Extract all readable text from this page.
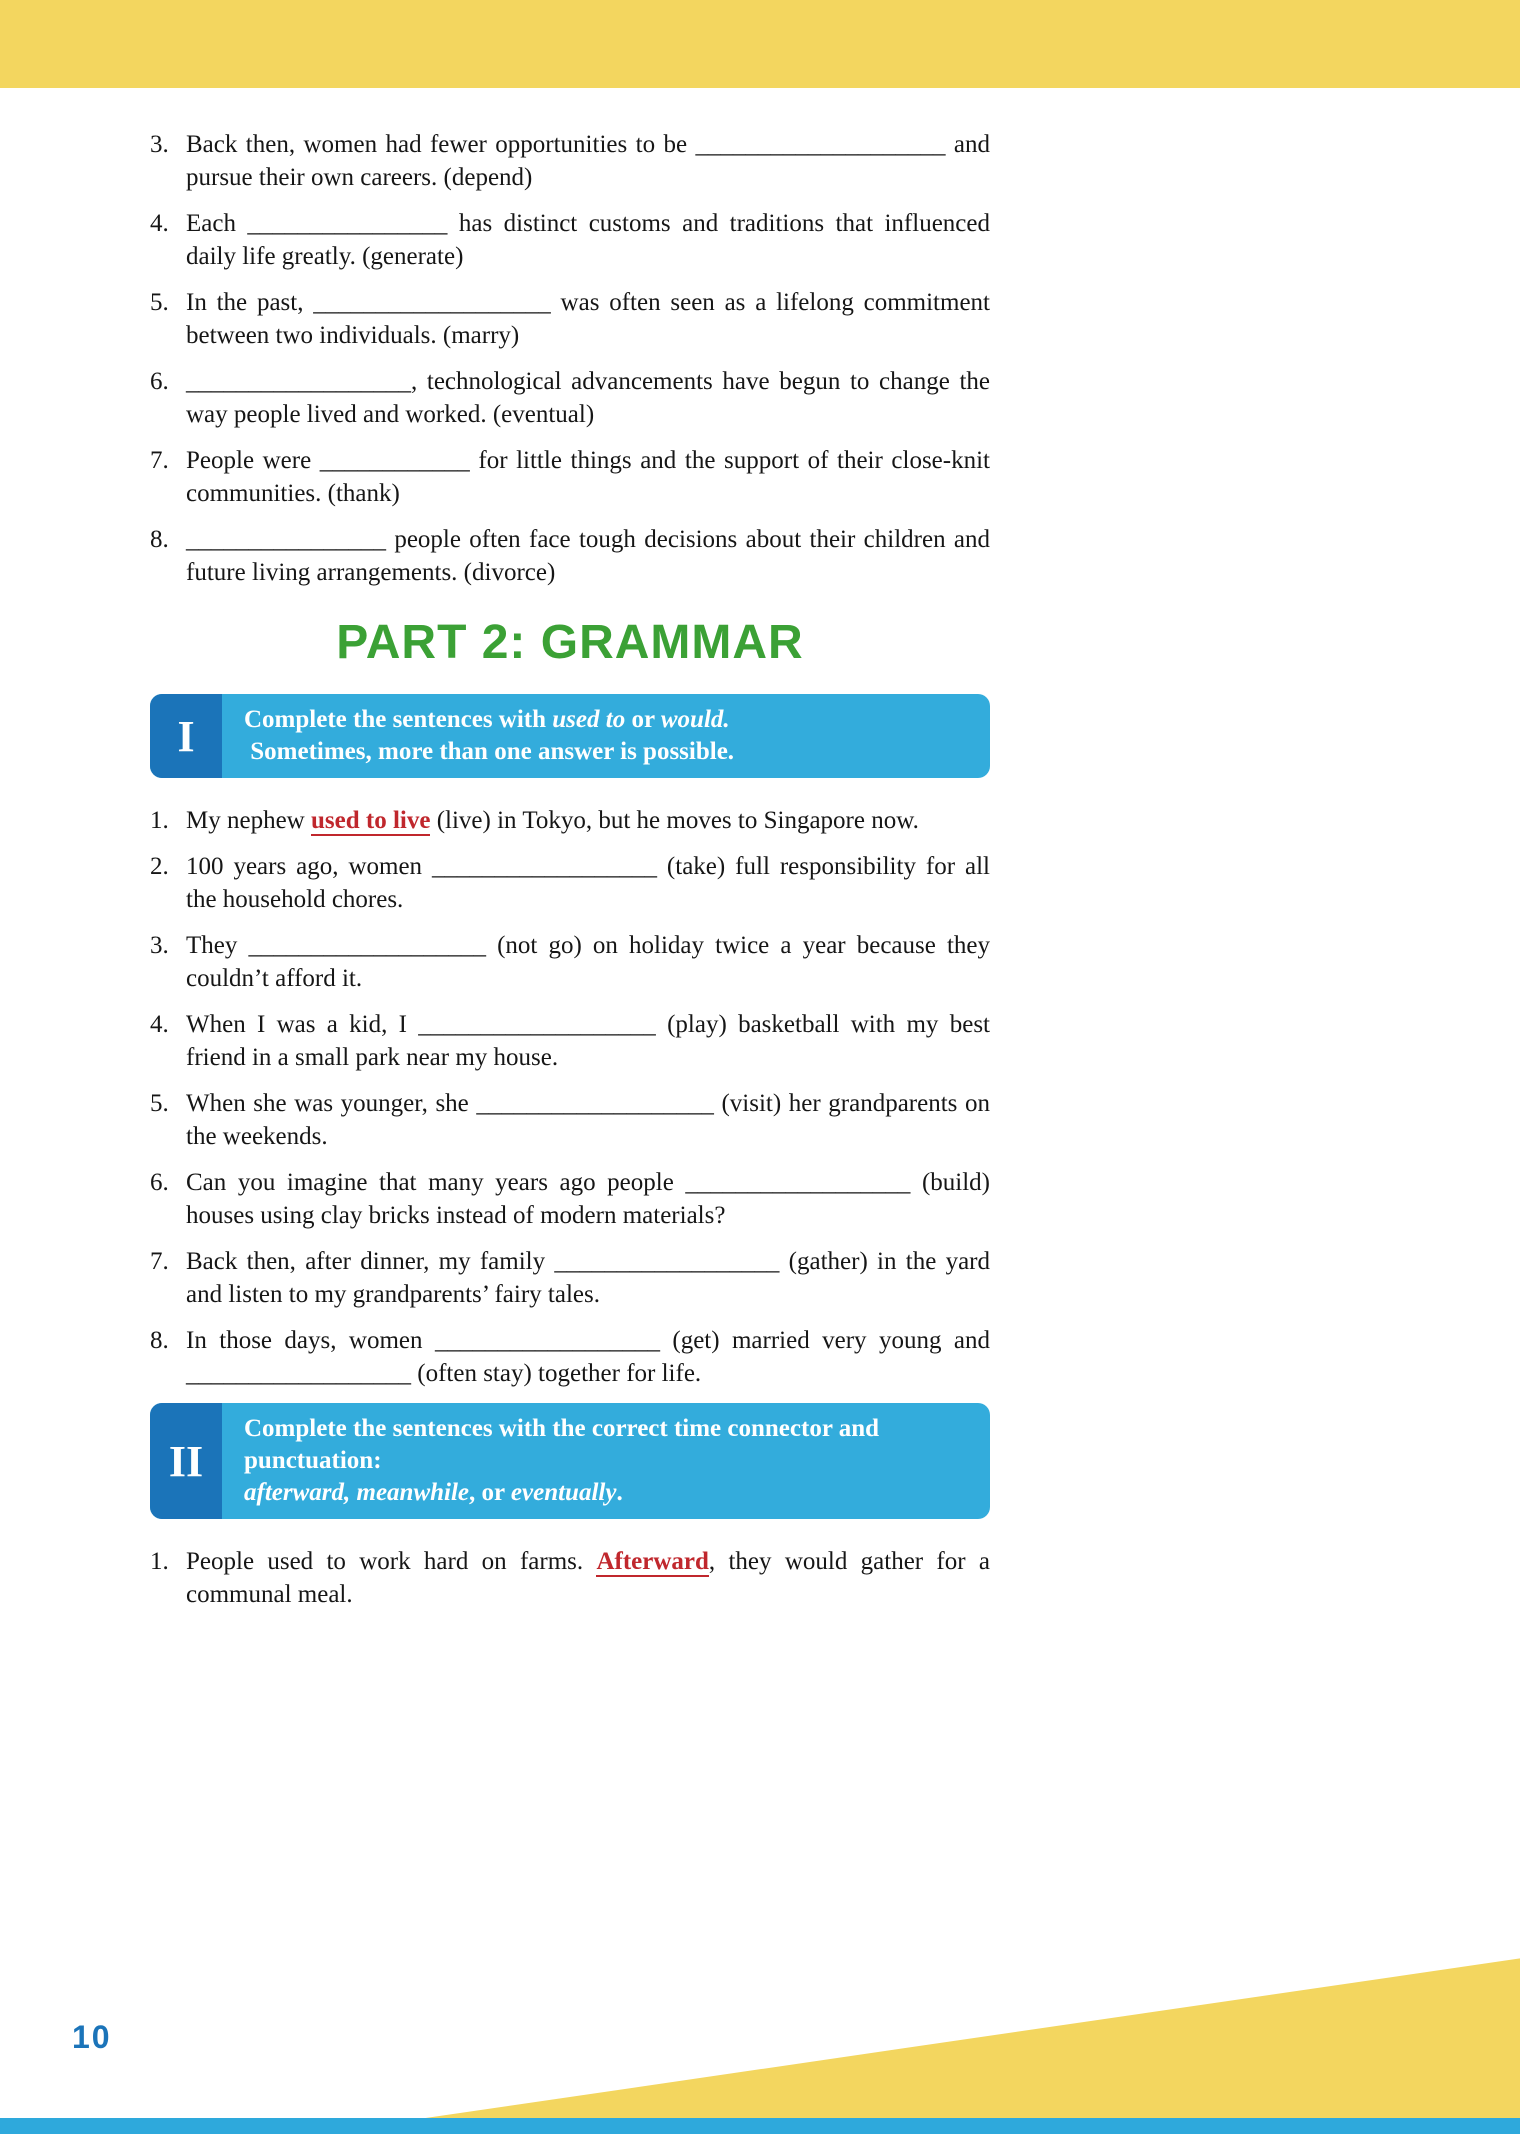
3. Back then, women had fewer opportunities to be ____________________ and pursue their own careers. (depend)
4. Each ________________ has distinct customs and traditions that influenced daily life greatly. (generate)
5. In the past, ___________________ was often seen as a lifelong commitment between two individuals. (marry)
6. __________________, technological advancements have begun to change the way people lived and worked. (eventual)
7. People were ____________ for little things and the support of their close-knit communities. (thank)
8. ________________ people often face tough decisions about their children and future living arrangements. (divorce)
PART 2: GRAMMAR
I Complete the sentences with used to or would.
Sometimes, more than one answer is possible.
1. My nephew used to live (live) in Tokyo, but he moves to Singapore now.
2. 100 years ago, women __________________ (take) full responsibility for all the household chores.
3. They ___________________ (not go) on holiday twice a year because they couldn’t afford it.
4. When I was a kid, I ___________________ (play) basketball with my best friend in a small park near my house.
5. When she was younger, she ___________________ (visit) her grandparents on the weekends.
6. Can you imagine that many years ago people __________________ (build) houses using clay bricks instead of modern materials?
7. Back then, after dinner, my family __________________ (gather) in the yard and listen to my grandparents’ fairy tales.
8. In those days, women __________________ (get) married very young and __________________ (often stay) together for life.
II
Complete the sentences with the correct time connector and punctuation:
afterward, meanwhile , or eventually .
1. People used to work hard on farms. Afterward, they would gather for a communal meal.
10
